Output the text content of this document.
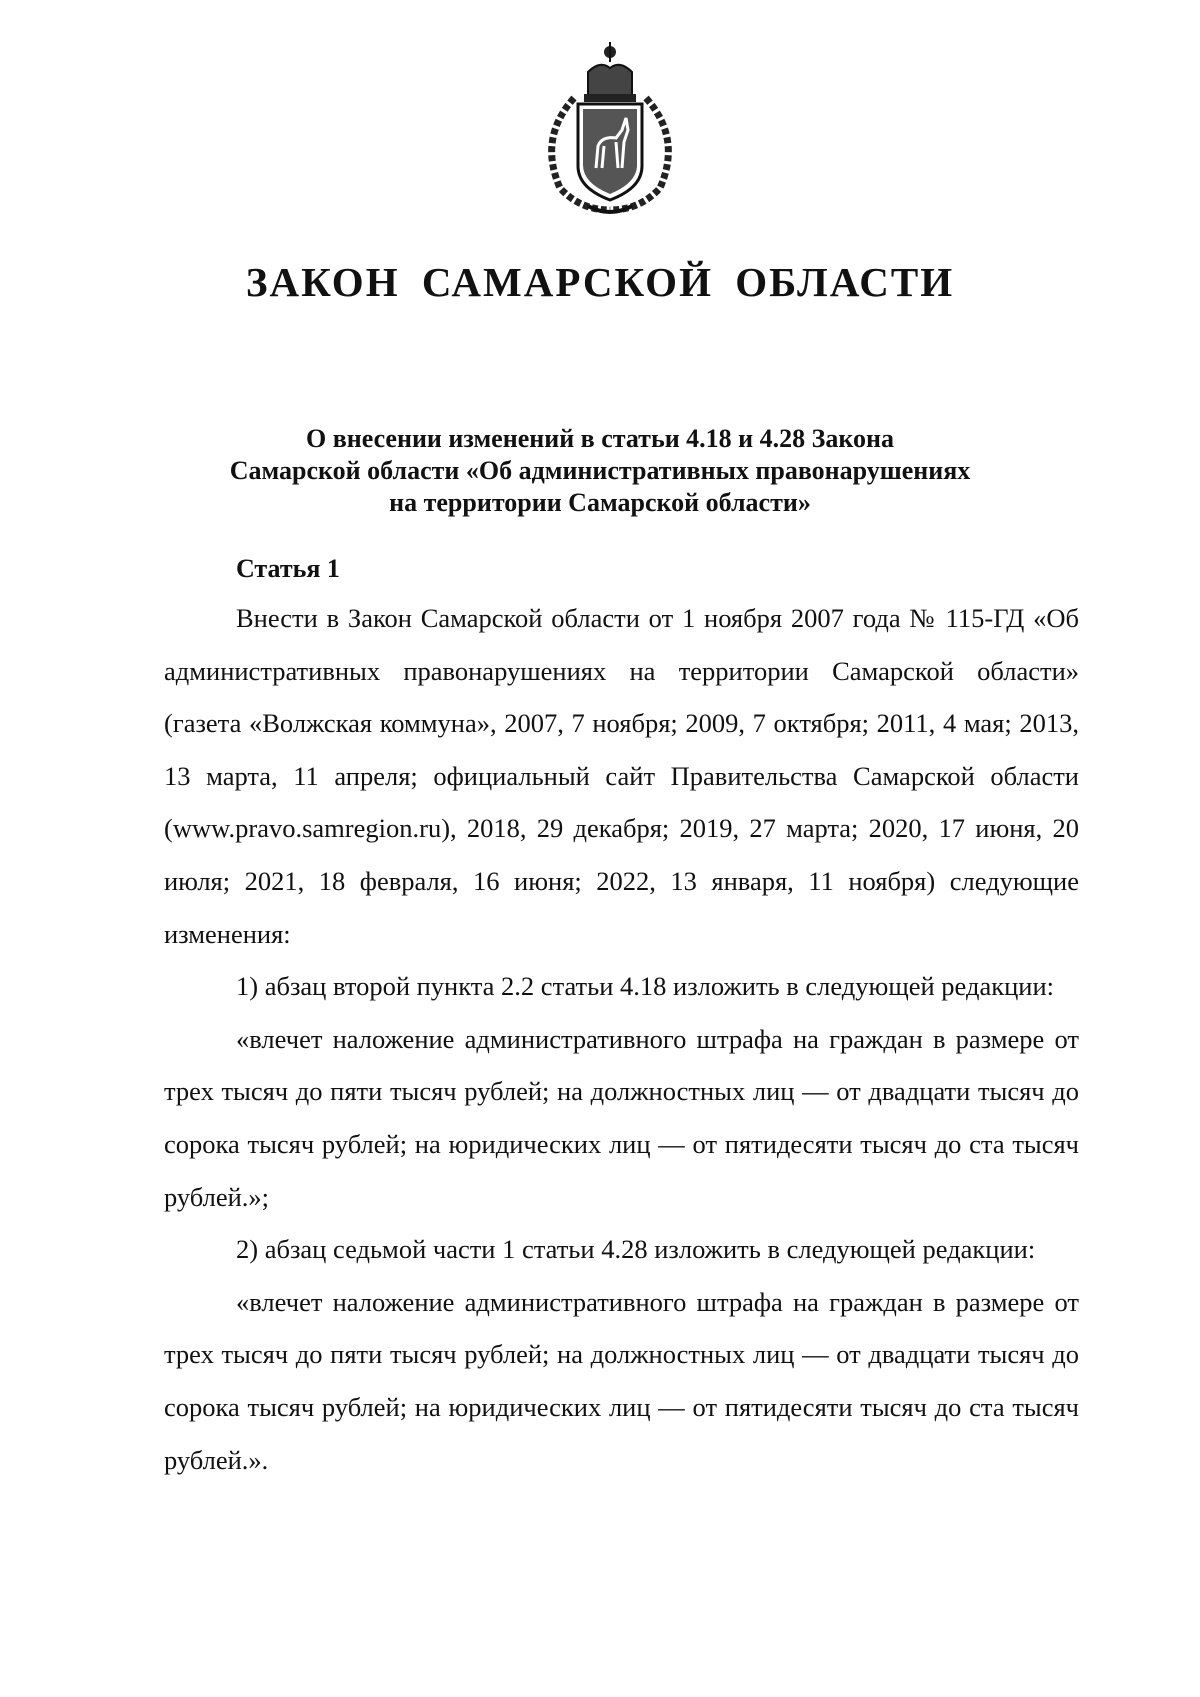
ЗАКОН САМАРСКОЙ ОБЛАСТИ
О внесении изменений в статьи 4.18 и 4.28 Закона
Самарской области «Об административных правонарушениях
на территории Самарской области»
Статья 1

Внести в Закон Самарской области от 1 ноября 2007 года № 115-ГД «Об административных правонарушениях на территории Самарской области» (газета «Волжская коммуна», 2007, 7 ноября; 2009, 7 октября; 2011, 4 мая; 2013, 13 марта, 11 апреля; официальный сайт Правительства Самарской области (www.pravo.samregion.ru), 2018, 29 декабря; 2019, 27 марта; 2020, 17 июня, 20 июля; 2021, 18 февраля, 16 июня; 2022, 13 января, 11 ноября) следующие изменения:

1) абзац второй пункта 2.2 статьи 4.18 изложить в следующей редакции:

«влечет наложение административного штрафа на граждан в размере от трех тысяч до пяти тысяч рублей; на должностных лиц — от двадцати тысяч до сорока тысяч рублей; на юридических лиц — от пятидесяти тысяч до ста тысяч рублей.»;

2) абзац седьмой части 1 статьи 4.28 изложить в следующей редакции:

«влечет наложение административного штрафа на граждан в размере от трех тысяч до пяти тысяч рублей; на должностных лиц — от двадцати тысяч до сорока тысяч рублей; на юридических лиц — от пятидесяти тысяч до ста тысяч рублей.».
